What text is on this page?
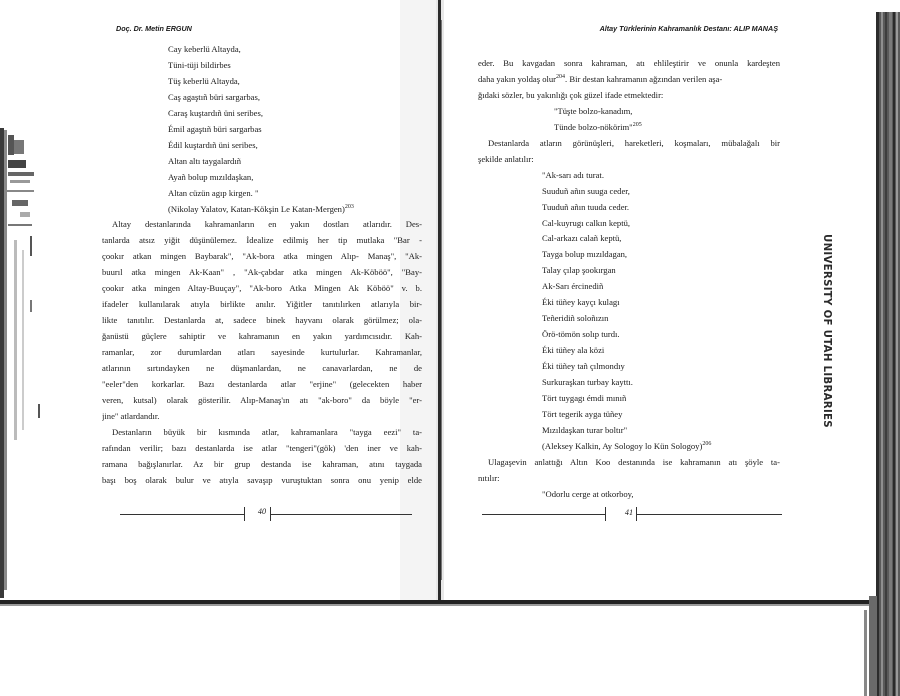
Doç. Dr. Metin ERGUN
Cay keberlü Altayda,
Tüni-tüji bildirbes
Tüş keberlü Altayda,
Caş agaştıñ büri sargarbas,
Caraş kuştardıñ üni seribes,
Émil agaştıñ büri sargarbas
Édil kuştardıñ üni seribes,
Altan altı taygalardıñ
Ayañ bolup mızıldaşkan,
Altan cüzün agıp kirgen. "
(Nikolay Yalatov, Katan-Kökşin Le Katan-Mergen)$^{203}$
Altay destanlarında kahramanların en yakın dostları atlarıdır. Des-
tanlarda atsız yiğit düşünülemez. İdealize edilmiş her tip mutlaka "Bar -
çookır atkan mingen Baybarak", "Ak-bora atka mingen Alıp- Manaş", "Ak-
buurıl atka mingen Ak-Kaan" , "Ak-çabdar atka mingen Ak-Köböö", "Bay-
çookır atka mingen Altay-Buuçay", "Ak-boro Atka Mingen Ak Köböö" v. b.
ifadeler kullanılarak atıyla birlikte anılır. Yiğitler tanıtılırken atlarıyla bir-
likte tanıtılır. Destanlarda at, sadece binek hayvanı olarak görülmez; ola-
ğanüstü güçlere sahiptir ve kahramanın en yakın yardımcısıdır. Kah-
ramanlar, zor durumlardan atları sayesinde kurtulurlar. Kahramanlar,
atlarının sırtındayken ne düşmanlardan, ne canavarlardan, ne de
"eeler"den korkarlar. Bazı destanlarda atlar "erjine" (gelecekten haber
veren, kutsal) olarak gösterilir. Alıp-Manaş'ın atı "ak-boro" da böyle "er-
jine" atlardandır.
Destanların büyük bir kısmında atlar, kahramanlara "tayga eezi" ta-
rafından verilir; bazı destanlarda ise atlar "tengeri"(gök) 'den iner ve kah-
ramana bağışlanırlar. Az bir grup destanda ise kahraman, atını taygada
başı boş olarak bulur ve atıyla savaşıp vuruştuktan sonra onu yenip elde
40
Altay Türklerinin Kahramanlık Destanı: ALIP MANAŞ
eder. Bu kavgadan sonra kahraman, atı ehlileştirir ve onunla kardeşten
daha yakın yoldaş olur$^{204}$. Bir destan kahramanın ağzından verilen aşa-
ğıdaki sözler, bu yakınlığı çok güzel ifade etmektedir:
"Tüşte bolzo-kanadım,
Tünde bolzo-nökörim"$^{205}$
Destanlarda atların görünüşleri, hareketleri, koşmaları, mübalağalı bir
şekilde anlatılır:
"Ak-sarı adı turat.
Suuduñ añın suuga ceder,
Tuuduñ añın tuuda ceder.
Cal-kuyrugı calkın keptü,
Cal-arkazı calañ keptü,
Tayga bolup mızıldagan,
Talay çılap şookırgan
Ak-Sarı ércinediñ
Éki tüñey kayçı kulagı
Teñeridiñ soloñızın
Örö-tömön solıp turdı.
Éki tüñey ala közi
Éki tüñey tañ çılmondıy
Surkuraşkan turbay kayttı.
Tört tuygagı émdi mınıñ
Tört tegerik ayga tüñey
Mızıldaşkan turar boltır"
(Aleksey Kalkin, Ay Sologoy lo Kün Sologoy)$^{206}$
Ulagaşevin anlattığı Altın Koo destanında ise kahramanın atı şöyle ta-
nıtılır:
"Odorlu cerge at otkorboy,
41
UNIVERSITY OF UTAH LIBRARIES
